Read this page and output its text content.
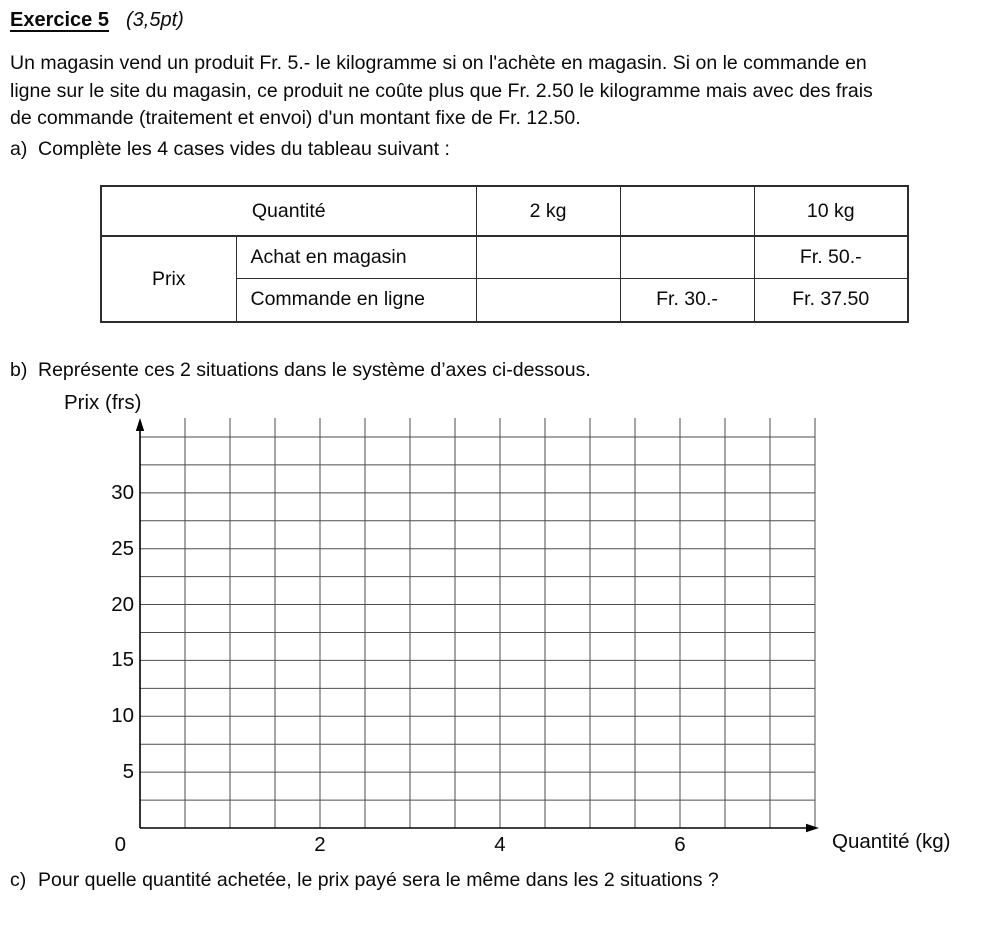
Exercice 5 (3,5pt)
Un magasin vend un produit Fr. 5.- le kilogramme si on l'achète en magasin. Si on le commande en
ligne sur le site du magasin, ce produit ne coûte plus que Fr. 2.50 le kilogramme mais avec des frais
de commande (traitement et envoi) d'un montant fixe de Fr. 12.50.
a) Complète les 4 cases vides du tableau suivant :
Quantité		2 kg		10 kg
Prix	Achat en magasin			Fr. 50.-
	Commande en ligne		Fr. 30.-	Fr. 37.50
b) Représente ces 2 situations dans le système d’axes ci-dessous.
Prix (frs)
Quantité (kg)
30
25
20
15
10
5
0	2	4	6
c) Pour quelle quantité achetée, le prix payé sera le même dans les 2 situations ?
